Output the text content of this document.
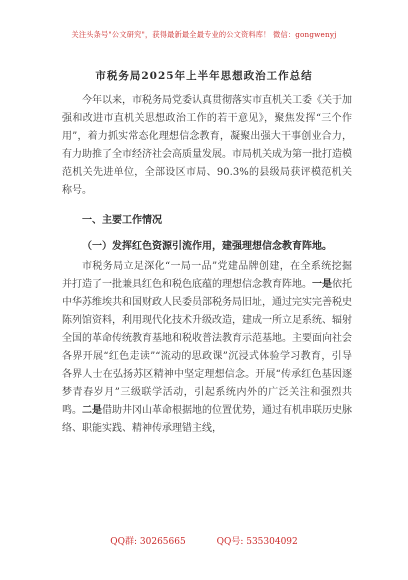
关注头条号"公文研究"，获得最新最全最专业的公文资料库！ 微信：gongwenyj
市税务局2025年上半年思想政治工作总结

今年以来，市税务局党委认真贯彻落实市直机关工委《关于加强和改进市直机关思想政治工作的若干意见》，聚焦发挥“三个作用”，着力抓实常态化理想信念教育，凝聚出强大干事创业合力，有力助推了全市经济社会高质量发展。市局机关成为第一批打造模范机关先进单位，全部设区市局、90.3%的县级局获评模范机关称号。

一、主要工作情况
（一）发挥红色资源引流作用，建强理想信念教育阵地。

市税务局立足深化“一局一品”党建品牌创建，在全系统挖掘并打造了一批兼具红色和税色底蕴的理想信念教育阵地。一是依托中华苏维埃共和国财政人民委员部税务局旧址，通过完实完善税史陈列馆资料，利用现代化技术升级改造，建成一所立足系统、辐射全国的革命传统教育基地和税收普法教育示范基地。主要面向社会各界开展“红色走读”“流动的思政课”沉浸式体验学习教育，引导各界人士在弘扬苏区精神中坚定理想信念。开展“传承红色基因逐梦青春岁月”三级联学活动，引起系统内外的广泛关注和强烈共鸣。二是借助井冈山革命根据地的位置优势，通过有机串联历史脉络、职能实践、精神传承理错主线，

QQ群: 30265665	QQ号: 535304092
